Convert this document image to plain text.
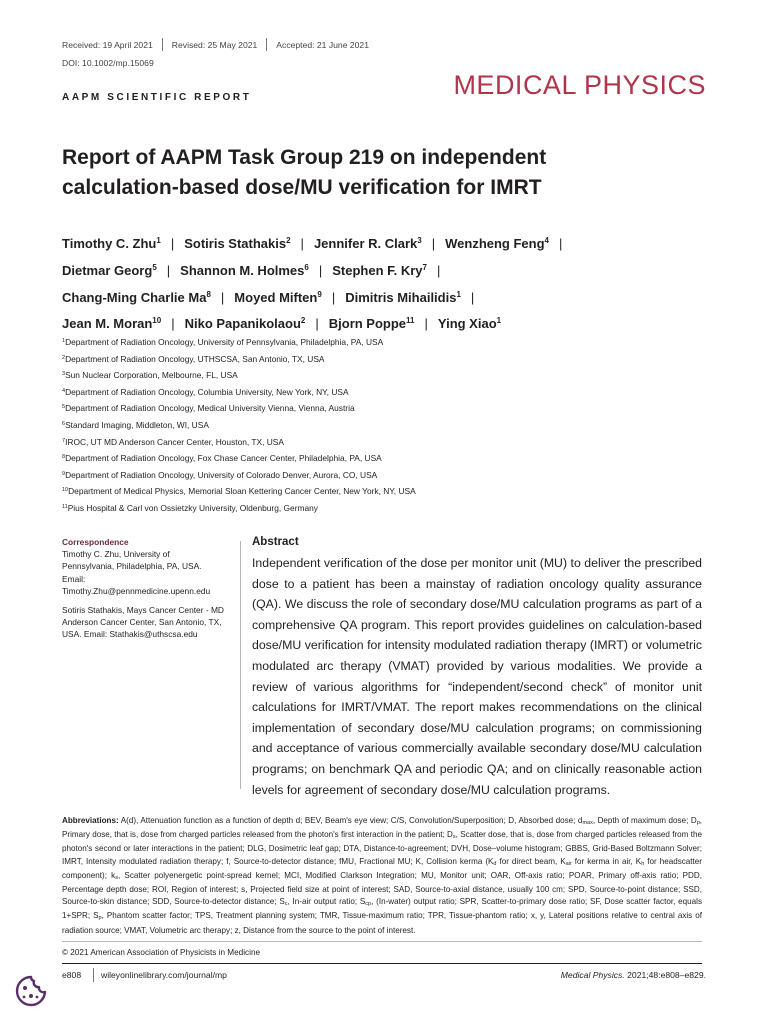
Received: 19 April 2021 Revised: 25 May 2021 Accepted: 21 June 2021
DOI: 10.1002/mp.15069
MEDICAL PHYSICS
AAPM SCIENTIFIC REPORT
Report of AAPM Task Group 219 on independent
calculation-based dose/MU verification for IMRT
Timothy C. Zhu$^1$ | Sotiris Stathakis$^2$ | Jennifer R. Clark$^3$ | Wenzheng Feng$^4$ |
Dietmar Georg$^5$ | Shannon M. Holmes$^6$ | Stephen F. Kry$^7$ |
Chang-Ming Charlie Ma$^8$ | Moyed Miften$^9$ | Dimitris Mihailidis$^1$ |
Jean M. Moran$^{10}$ | Niko Papanikolaou$^2$ | Bjorn Poppe$^{11}$ | Ying Xiao$^1$
$^1$Department of Radiation Oncology, University of Pennsylvania, Philadelphia, PA, USA
$^2$Department of Radiation Oncology, UTHSCSA, San Antonio, TX, USA
$^3$Sun Nuclear Corporation, Melbourne, FL, USA
$^4$Department of Radiation Oncology, Columbia University, New York, NY, USA
$^5$Department of Radiation Oncology, Medical University Vienna, Vienna, Austria
$^6$Standard Imaging, Middleton, WI, USA
$^7$IROC, UT MD Anderson Cancer Center, Houston, TX, USA
$^8$Department of Radiation Oncology, Fox Chase Cancer Center, Philadelphia, PA, USA
$^9$Department of Radiation Oncology, University of Colorado Denver, Aurora, CO, USA
$^{10}$Department of Medical Physics, Memorial Sloan Kettering Cancer Center, New York, NY, USA
$^{11}$Pius Hospital & Carl von Ossietzky University, Oldenburg, Germany
Correspondence
Timothy C. Zhu, University of Pennsylvania, Philadelphia, PA, USA. Email: Timothy.Zhu@pennmedicine.upenn.edu
Sotiris Stathakis, Mays Cancer Center - MD Anderson Cancer Center, San Antonio, TX, USA. Email: Stathakis@uthscsa.edu
Abstract
Independent verification of the dose per monitor unit (MU) to deliver the prescribed dose to a patient has been a mainstay of radiation oncology quality assurance (QA). We discuss the role of secondary dose/MU calculation programs as part of a comprehensive QA program. This report provides guidelines on calculation-based dose/MU verification for intensity modulated radiation therapy (IMRT) or volumetric modulated arc therapy (VMAT) provided by various modalities. We provide a review of various algorithms for “independent/second check” of monitor unit calculations for IMRT/VMAT. The report makes recommendations on the clinical implementation of secondary dose/MU calculation programs; on commissioning and acceptance of various commercially available secondary dose/MU calculation programs; on benchmark QA and periodic QA; and on clinically reasonable action levels for agreement of secondary dose/MU calculation programs.
Abbreviations: A(d), Attenuation function as a function of depth d; BEV, Beam's eye view; C/S, Convolution/Superposition; D, Absorbed dose; $d_{max}$, Depth of maximum dose; $D_p$, Primary dose, that is, dose from charged particles released from the photon's first interaction in the patient; $D_s$, Scatter dose, that is, dose from charged particles released from the photon's second or later interactions in the patient; DLG, Dosimetric leaf gap; DTA, Distance-to-agreement; DVH, Dose–volume histogram; GBBS, Grid-Based Boltzmann Solver; IMRT, Intensity modulated radiation therapy; f, Source-to-detector distance; fMU, Fractional MU; K, Collision kerma ($K_d$ for direct beam, $K_{air}$ for kerma in air, $K_h$ for headscatter component); $k_s$, Scatter polyenergetic point-spread kernel; MCI, Modified Clarkson Integration; MU, Monitor unit; OAR, Off-axis ratio; POAR, Primary off-axis ratio; PDD, Percentage depth dose; ROI, Region of interest; s, Projected field size at point of interest; SAD, Source-to-axial distance, usually 100 cm; SPD, Source-to-point distance; SSD, Source-to-skin distance; SDD, Source-to-detector distance; $S_c$, In-air output ratio; $S_{cp}$, (In-water) output ratio; SPR, Scatter-to-primary dose ratio; SF, Dose scatter factor, equals 1+SPR; $S_p$, Phantom scatter factor; TPS, Treatment planning system; TMR, Tissue-maximum ratio; TPR, Tissue-phantom ratio; x, y, Lateral positions relative to central axis of radiation source; VMAT, Volumetric arc therapy; z, Distance from the source to the point of interest.
© 2021 American Association of Physicists in Medicine
e808 wileyonlinelibrary.com/journal/mp	Medical Physics. 2021;48:e808–e829.
